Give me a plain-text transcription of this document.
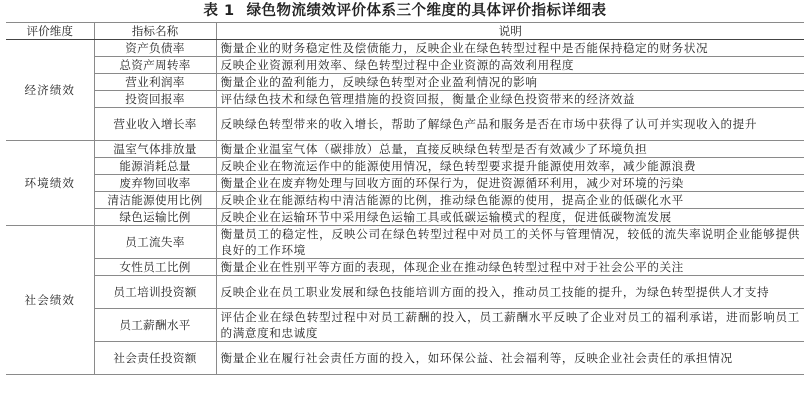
表 1 绿色物流绩效评价体系三个维度的具体评价指标详细表
评价维度	指标名称	说明
经济绩效	资产负债率	衡量企业的财务稳定性及偿债能力，反映企业在绿色转型过程中是否能保持稳定的财务状况
	总资产周转率	反映企业资源利用效率、绿色转型过程中企业资源的高效利用程度
	营业利润率	衡量企业的盈利能力，反映绿色转型对企业盈利情况的影响
	投资回报率	评估绿色技术和绿色管理措施的投资回报，衡量企业绿色投资带来的经济效益
	营业收入增长率	反映绿色转型带来的收入增长，帮助了解绿色产品和服务是否在市场中获得了认可并实现收入的提升
环境绩效	温室气体排放量	衡量企业温室气体（碳排放）总量，直接反映绿色转型是否有效减少了环境负担
	能源消耗总量	反映企业在物流运作中的能源使用情况，绿色转型要求提升能源使用效率，减少能源浪费
	废弃物回收率	衡量企业在废弃物处理与回收方面的环保行为，促进资源循环利用，减少对环境的污染
	清洁能源使用比例	反映企业在能源结构中清洁能源的比例，推动绿色能源的使用，提高企业的低碳化水平
	绿色运输比例	反映企业在运输环节中采用绿色运输工具或低碳运输模式的程度，促进低碳物流发展
社会绩效	员工流失率	衡量员工的稳定性，反映公司在绿色转型过程中对员工的关怀与管理情况，较低的流失率说明企业能够提供良好的工作环境
	女性员工比例	衡量企业在性别平等方面的表现，体现企业在推动绿色转型过程中对于社会公平的关注
	员工培训投资额	反映企业在员工职业发展和绿色技能培训方面的投入，推动员工技能的提升，为绿色转型提供人才支持
	员工薪酬水平	评估企业在绿色转型过程中对员工薪酬的投入，员工薪酬水平反映了企业对员工的福利承诺，进而影响员工的满意度和忠诚度
	社会责任投资额	衡量企业在履行社会责任方面的投入，如环保公益、社会福利等，反映企业社会责任的承担情况
